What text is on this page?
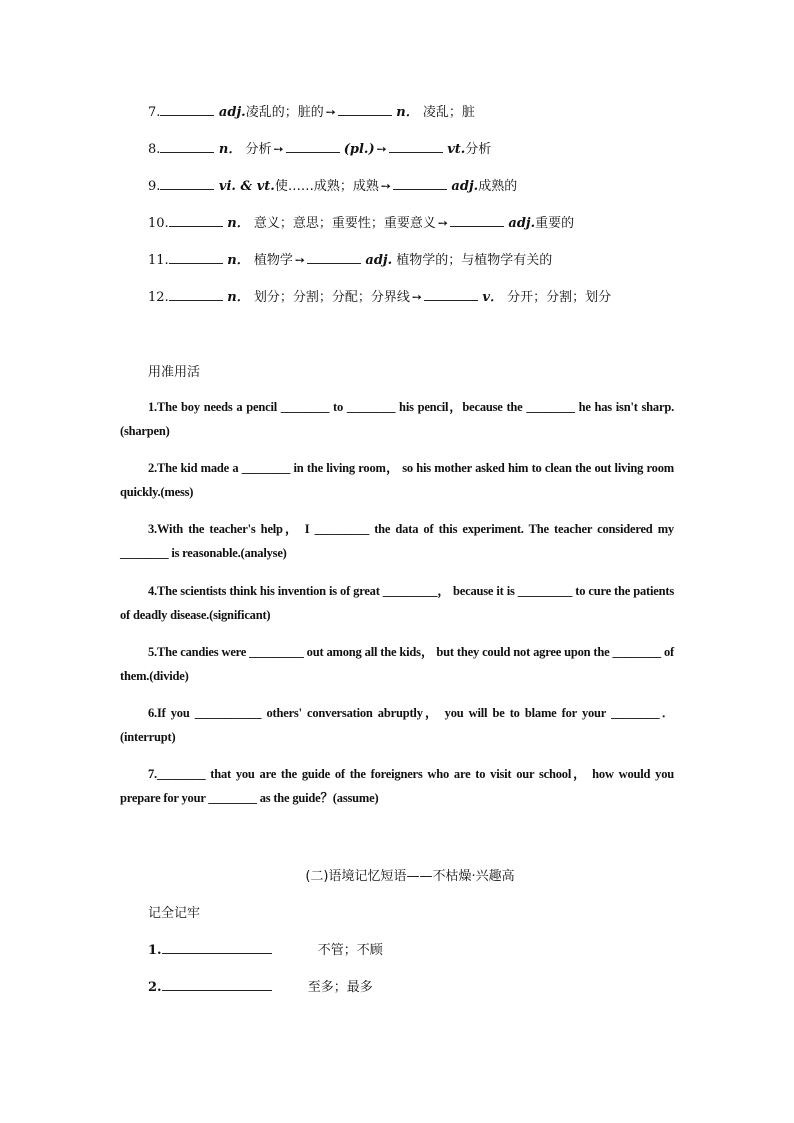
7.	adj.凌乱的；脏的 ➙	n． 凌乱；脏
8.	n． 分析 ➙	(pl.) ➙	vt.分析
9.	vi. & vt.使……成熟；成熟 ➙	adj.成熟的
10.	n． 意义；意思；重要性；重要意义 ➙	adj.重要的
11.	n． 植物学 ➙	adj. 植物学的；与植物学有关的
12.	n． 划分；分割；分配；分界线 ➙	v． 分开；分割；划分
用准用活
1.The boy needs a pencil ________ to ________ his pencil，because the ________ he has isn't sharp.(sharpen)
2.The kid made a ________ in the living room， so his mother asked him to clean the out living room quickly.(mess)
3.With the teacher's help， I _________ the data of this experiment. The teacher considered my ________ is reasonable.(analyse)
4.The scientists think his invention is of great _________， because it is _________ to cure the patients of deadly disease.(significant)
5.The candies were _________ out among all the kids， but they could not agree upon the ________ of them.(divide)
6.If you ___________ others' conversation abruptly， you will be to blame for your ________． (interrupt)
7.________ that you are the guide of the foreigners who are to visit our school， how would you prepare for your ________ as the guide？(assume)
(二)语境记忆短语——不枯燥·兴趣高
记全记牢
1.	不管；不顾
2.	至多；最多
